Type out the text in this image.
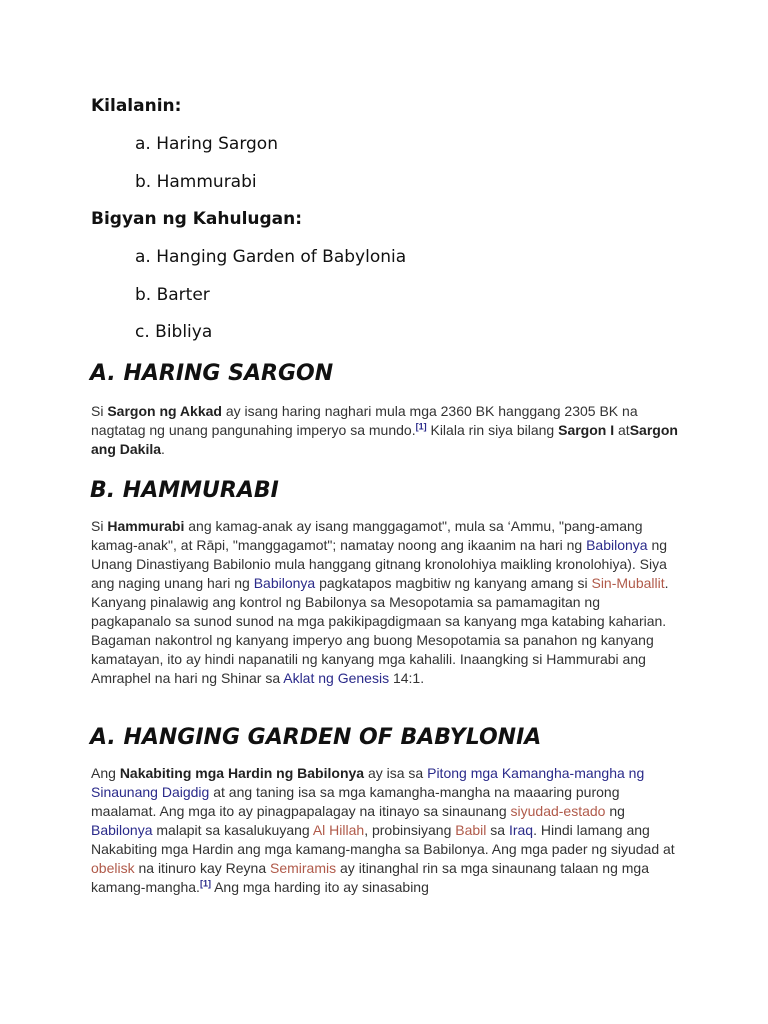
Kilalanin:
a. Haring Sargon
b. Hammurabi
Bigyan ng Kahulugan:
a. Hanging Garden of Babylonia
b. Barter
c. Bibliya
A. HARING SARGON

Si Sargon ng Akkad ay isang haring naghari mula mga 2360 BK hanggang 2305 BK na nagtatag ng unang pangunahing imperyo sa mundo.[1] Kilala rin siya bilang Sargon I atSargon ang Dakila.

B. HAMMURABI

Si Hammurabi ang kamag-anak ay isang manggagamot", mula sa ‘Ammu, "pang-amang kamag-anak", at Rāpi, "manggagamot"; namatay noong ang ikaanim na hari ng Babilonya ng Unang Dinastiyang Babilonio mula hanggang gitnang kronolohiya maikling kronolohiya). Siya ang naging unang hari ng Babilonya pagkatapos magbitiw ng kanyang amang si Sin-Muballit. Kanyang pinalawig ang kontrol ng Babilonya sa Mesopotamia sa pamamagitan ng pagkapanalo sa sunod sunod na mga pakikipagdigmaan sa kanyang mga katabing kaharian. Bagaman nakontrol ng kanyang imperyo ang buong Mesopotamia sa panahon ng kanyang kamatayan, ito ay hindi napanatili ng kanyang mga kahalili. Inaangking si Hammurabi ang Amraphel na hari ng Shinar sa Aklat ng Genesis 14:1.

A. HANGING GARDEN OF BABYLONIA

Ang Nakabiting mga Hardin ng Babilonya ay isa sa Pitong mga Kamangha-mangha ng Sinaunang Daigdig at ang taning isa sa mga kamangha-mangha na maaaring purong maalamat. Ang mga ito ay pinagpapalagay na itinayo sa sinaunang siyudad-estado ng Babilonya malapit sa kasalukuyang Al Hillah, probinsiyang Babil sa Iraq. Hindi lamang ang Nakabiting mga Hardin ang mga kamang-mangha sa Babilonya. Ang mga pader ng siyudad at obelisk na itinuro kay Reyna Semiramis ay itinanghal rin sa mga sinaunang talaan ng mga kamang-mangha.[1] Ang mga harding ito ay sinasabing
